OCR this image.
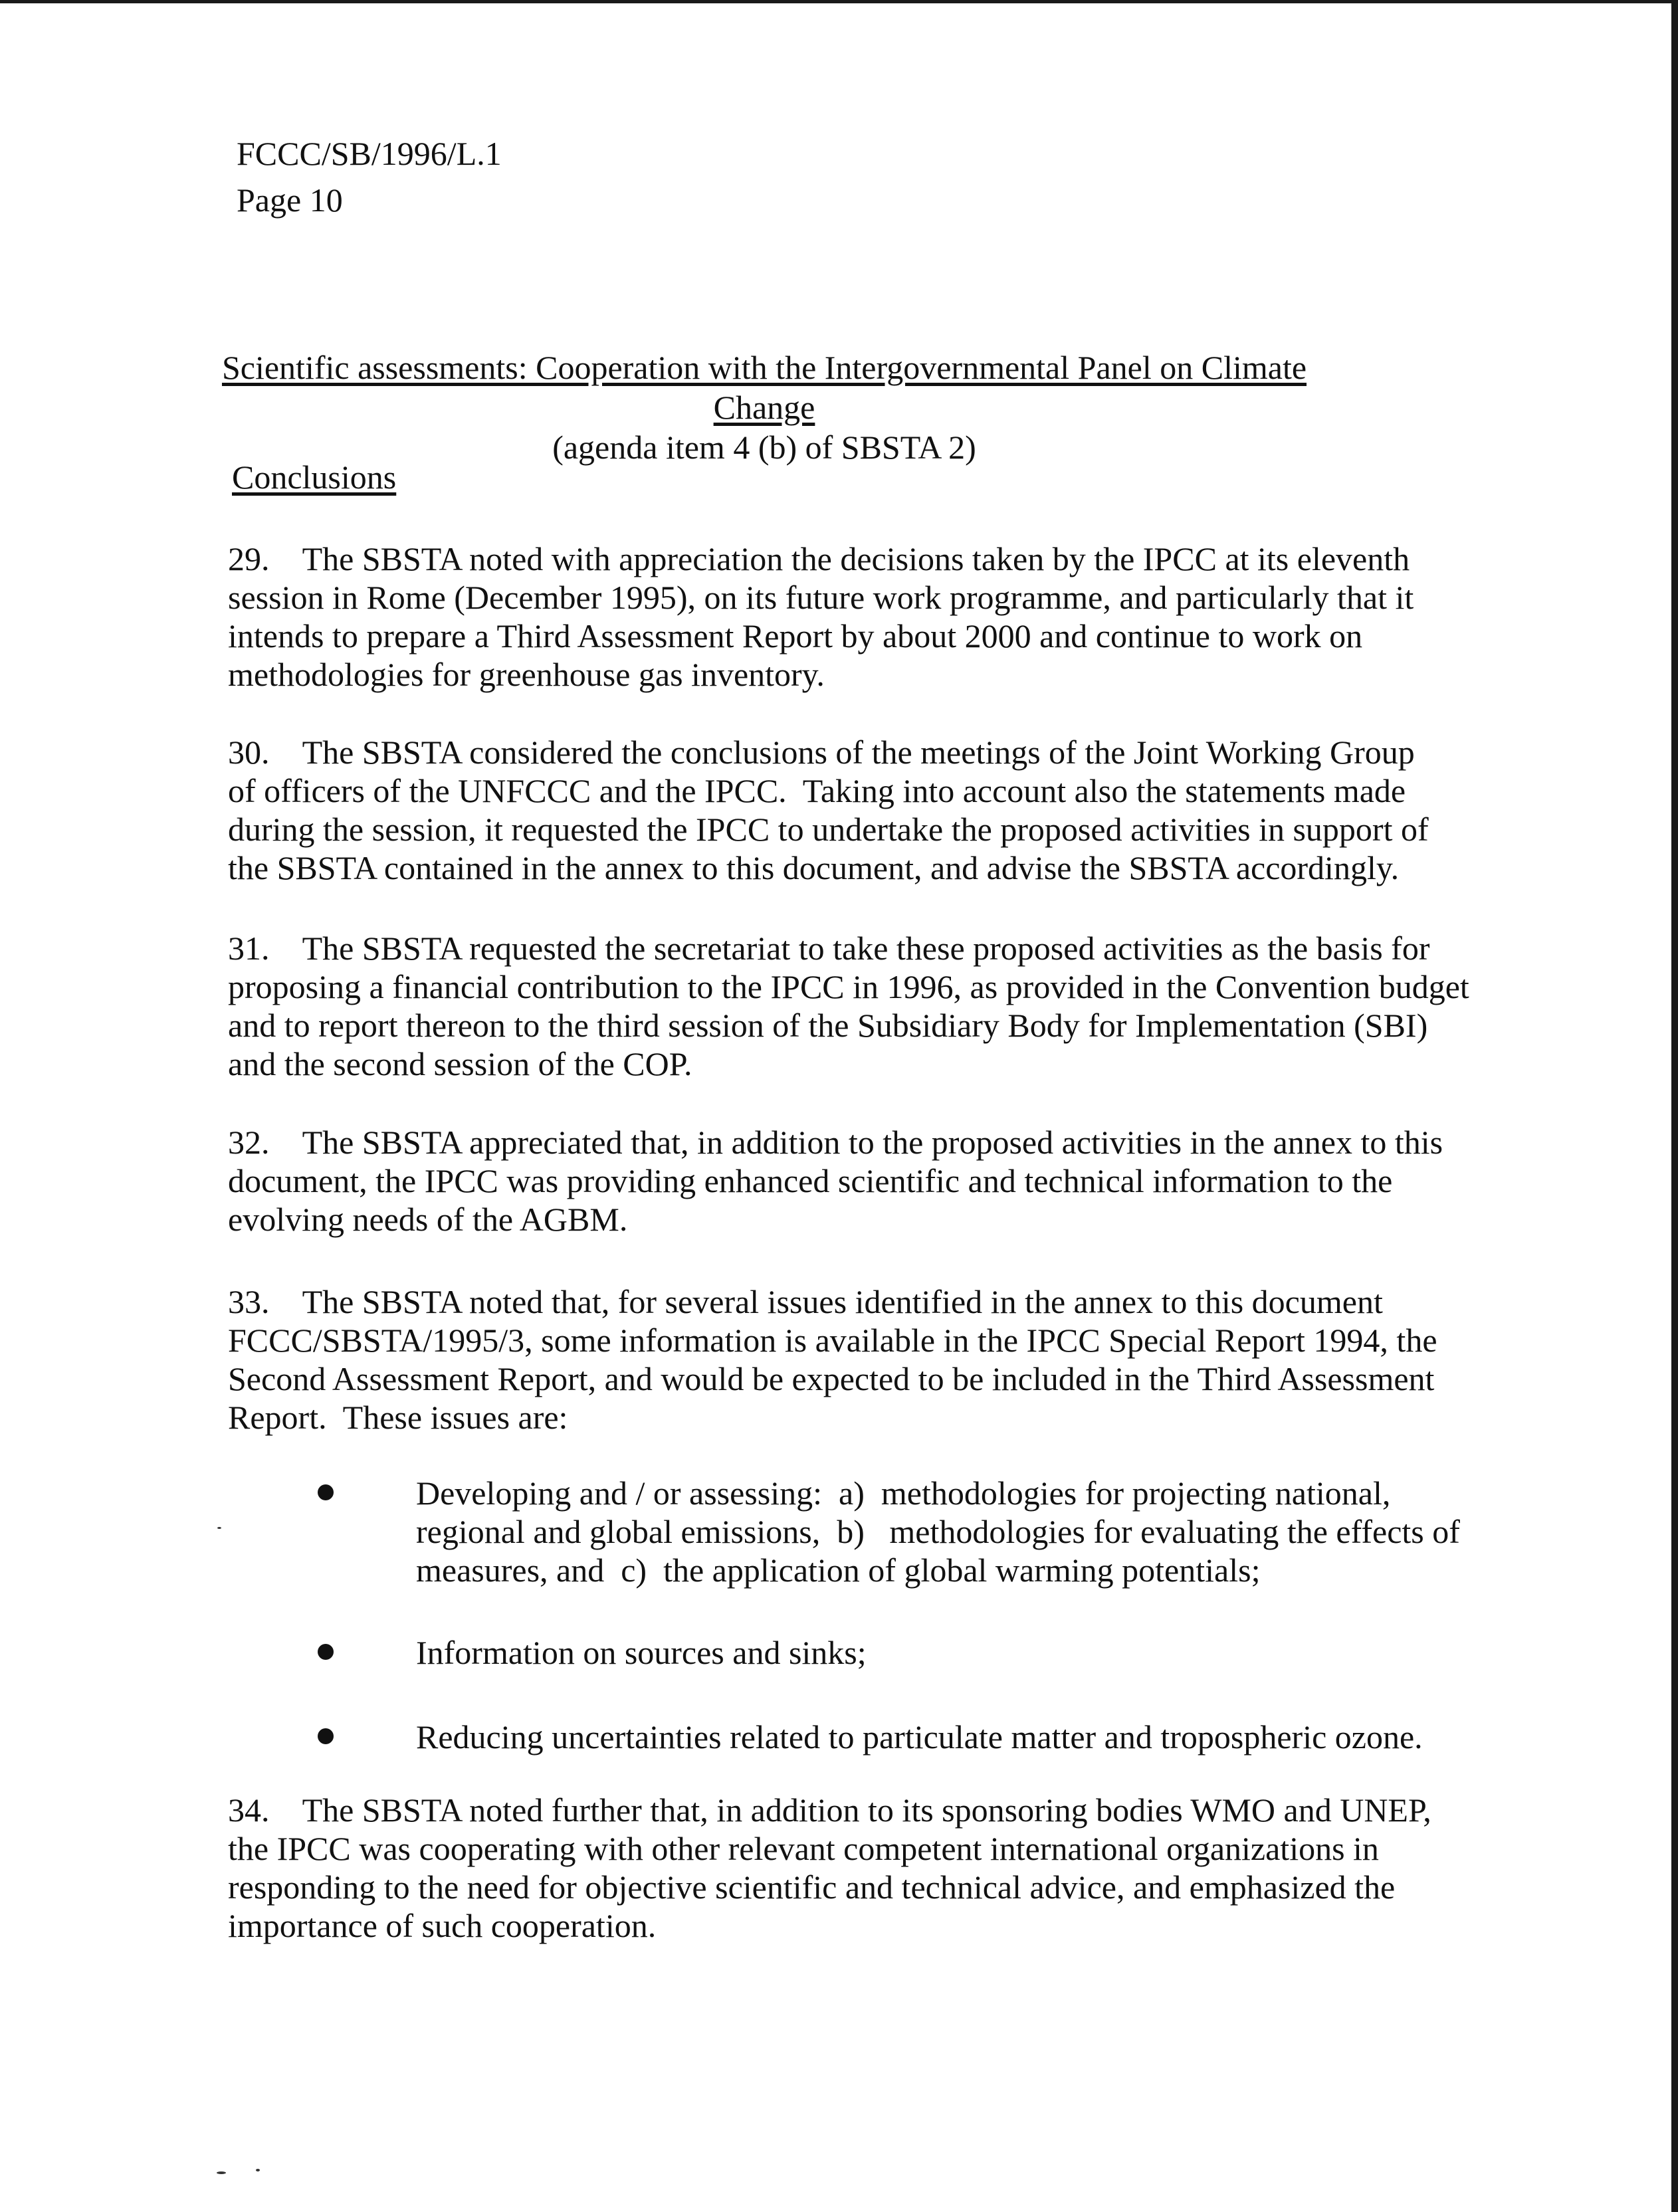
FCCC/SB/1996/L.1
Page 10
Scientific assessments: Cooperation with the Intergovernmental Panel on Climate Change
(agenda item 4 (b) of SBSTA 2)
Conclusions

29.    The SBSTA noted with appreciation the decisions taken by the IPCC at its eleventh
session in Rome (December 1995), on its future work programme, and particularly that it
intends to prepare a Third Assessment Report by about 2000 and continue to work on
methodologies for greenhouse gas inventory.

30.    The SBSTA considered the conclusions of the meetings of the Joint Working Group
of officers of the UNFCCC and the IPCC.  Taking into account also the statements made
during the session, it requested the IPCC to undertake the proposed activities in support of
the SBSTA contained in the annex to this document, and advise the SBSTA accordingly.

31.    The SBSTA requested the secretariat to take these proposed activities as the basis for
proposing a financial contribution to the IPCC in 1996, as provided in the Convention budget
and to report thereon to the third session of the Subsidiary Body for Implementation (SBI)
and the second session of the COP.

32.    The SBSTA appreciated that, in addition to the proposed activities in the annex to this
document, the IPCC was providing enhanced scientific and technical information to the
evolving needs of the AGBM.

33.    The SBSTA noted that, for several issues identified in the annex to this document
FCCC/SBSTA/1995/3, some information is available in the IPCC Special Report 1994, the
Second Assessment Report, and would be expected to be included in the Third Assessment
Report.  These issues are:

Developing and / or assessing:  a)  methodologies for projecting national,
regional and global emissions,  b)   methodologies for evaluating the effects of
measures, and  c)  the application of global warming potentials;
Information on sources and sinks;
Reducing uncertainties related to particulate matter and tropospheric ozone.

34.    The SBSTA noted further that, in addition to its sponsoring bodies WMO and UNEP,
the IPCC was cooperating with other relevant competent international organizations in
responding to the need for objective scientific and technical advice, and emphasized the
importance of such cooperation.
